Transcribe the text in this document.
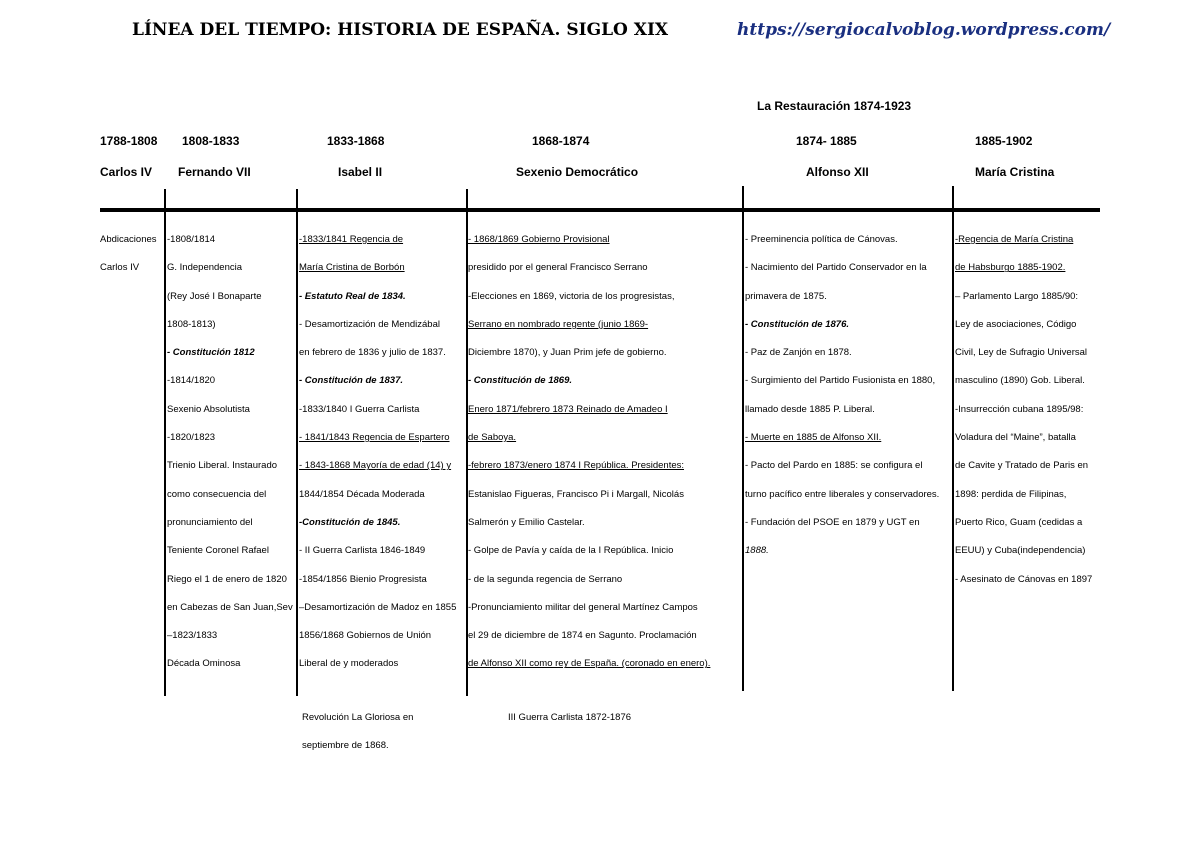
LÍNEA DEL TIEMPO: HISTORIA DE ESPAÑA. SIGLO XIX	https://sergiocalvoblog.wordpress.com/
La Restauración 1874-1923
1788-1808
Carlos IV
1808-1833
Fernando VII
1833-1868
Isabel II
1868-1874
Sexenio Democrático
1874- 1885
Alfonso XII
1885-1902
María Cristina
Abdicaciones
Carlos IV
-1808/1814
G. Independencia
(Rey José I Bonaparte
1808-1813)
- Constitución 1812
-1814/1820
Sexenio Absolutista
-1820/1823
Trienio Liberal. Instaurado
como consecuencia del
pronunciamiento del
Teniente Coronel Rafael
Riego el 1 de enero de 1820
en Cabezas de San Juan,Sev
–1823/1833
Década Ominosa
-1833/1841 Regencia de
María Cristina de Borbón
- Estatuto Real de 1834.
- Desamortización de Mendizábal
en febrero de 1836 y julio de 1837.
- Constitución de 1837.
-1833/1840 I Guerra Carlista
- 1841/1843 Regencia de Espartero
- 1843-1868 Mayoría de edad (14) y
1844/1854 Década Moderada
-Constitución de 1845.
- II Guerra Carlista 1846-1849
-1854/1856 Bienio Progresista
–Desamortización de Madoz en 1855
1856/1868 Gobiernos de Unión
Liberal de y moderados
- 1868/1869 Gobierno Provisional
presidido por el general Francisco Serrano
-Elecciones en 1869, victoria de los progresistas,
Serrano en nombrado regente (junio 1869-
Diciembre 1870), y Juan Prim jefe de gobierno.
- Constitución de 1869.
Enero 1871/febrero 1873 Reinado de Amadeo I
de Saboya.
-febrero 1873/enero 1874 I República. Presidentes:
Estanislao Figueras, Francisco Pi i Margall, Nicolás
Salmerón y Emilio Castelar.
- Golpe de Pavía y caída de la I República. Inicio
- de la segunda regencia de Serrano
-Pronunciamiento militar del general Martínez Campos
el 29 de diciembre de 1874 en Sagunto. Proclamación
de Alfonso XII como rey de España. (coronado en enero).
- Preeminencia política de Cánovas.
- Nacimiento del Partido Conservador en la
primavera de 1875.
- Constitución de 1876.
- Paz de Zanjón en 1878.
- Surgimiento del Partido Fusionista en 1880,
llamado desde 1885 P. Liberal.
- Muerte en 1885 de Alfonso XII.
- Pacto del Pardo en 1885: se configura el
turno pacífico entre liberales y conservadores.
- Fundación del PSOE en 1879 y UGT en
1888.
-Regencia de María Cristina
de Habsburgo 1885-1902.
– Parlamento Largo 1885/90:
Ley de asociaciones, Código
Civil, Ley de Sufragio Universal
masculino (1890) Gob. Liberal.
-Insurrección cubana 1895/98:
Voladura del “Maine”, batalla
de Cavite y Tratado de Paris en
1898: perdida de Filipinas,
Puerto Rico, Guam (cedidas a
EEUU) y Cuba(independencia)
- Asesinato de Cánovas en 1897
Revolución La Gloriosa en
septiembre de 1868.
III Guerra Carlista 1872-1876
